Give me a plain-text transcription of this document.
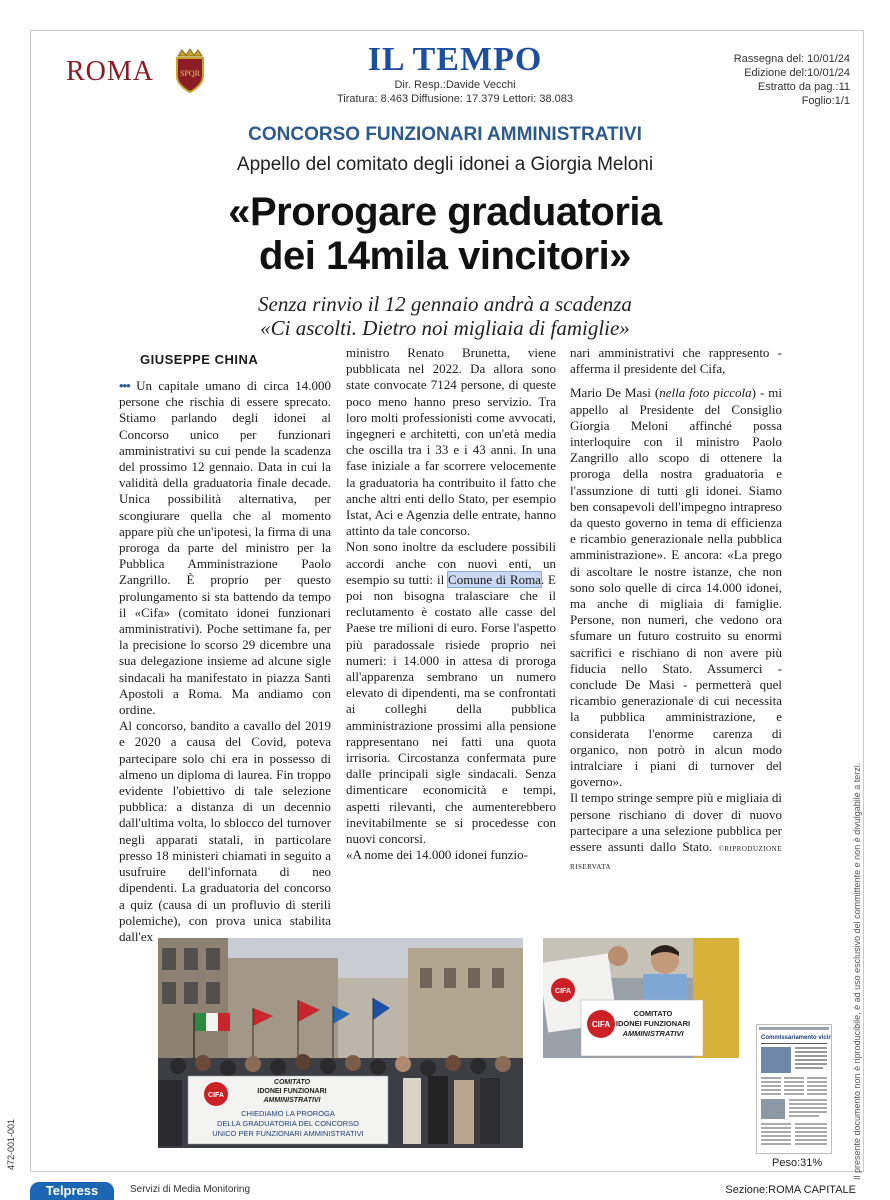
ROMA	SPQR	IL TEMPO
Dir. Resp.:Davide Vecchi
Tiratura: 8.463 Diffusione: 17.379 Lettori: 38.083
Rassegna del: 10/01/24
Edizione del:10/01/24
Estratto da pag.:11
Foglio:1/1
CONCORSO FUNZIONARI AMMINISTRATIVI
Appello del comitato degli idonei a Giorgia Meloni
«Prorogare graduatoria
dei 14mila vincitori»
Senza rinvio il 12 gennaio andrà a scadenza
«Ci ascolti. Dietro noi migliaia di famiglie»
GIUSEPPE CHINA

••• Un capitale umano di circa 14.000 persone che rischia di essere sprecato. Stiamo parlando degli idonei al Concorso unico per funzionari amministrativi su cui pende la scadenza del prossimo 12 gennaio. Data in cui la validità della graduatoria finale decade. Unica possibilità alternativa, per scongiurare quella che al momento appare più che un'ipotesi, la firma di una proroga da parte del ministro per la Pubblica Amministrazione Paolo Zangrillo. È proprio per questo prolungamento si sta battendo da tempo il «Cifa» (comitato idonei funzionari amministrativi). Poche settimane fa, per la precisione lo scorso 29 dicembre una sua delegazione insieme ad alcune sigle sindacali ha manifestato in piazza Santi Apostoli a Roma. Ma andiamo con ordine.

Al concorso, bandito a cavallo del 2019 e 2020 a causa del Covid, poteva partecipare solo chi era in possesso di almeno un diploma di laurea. Fin troppo evidente l'obiettivo di tale selezione pubblica: a distanza di un decennio dall'ultima volta, lo sblocco del turnover negli apparati statali, in particolare presso 18 ministeri chiamati in seguito a usufruire dell'infornata di neo dipendenti. La graduatoria del concorso a quiz (causa di un profluvio di sterili polemiche), con prova unica stabilita dall'ex

ministro Renato Brunetta, viene pubblicata nel 2022. Da allora sono state convocate 7124 persone, di queste poco meno hanno preso servizio. Tra loro molti professionisti come avvocati, ingegneri e architetti, con un'età media che oscilla tra i 33 e i 43 anni. In una fase iniziale a far scorrere velocemente la graduatoria ha contribuito il fatto che anche altri enti dello Stato, per esempio Istat, Aci e Agenzia delle entrate, hanno attinto da tale concorso.

Non sono inoltre da escludere possibili accordi anche con nuovi enti, un esempio su tutti: il Comune di Roma. E poi non bisogna tralasciare che il reclutamento è costato alle casse del Paese tre milioni di euro. Forse l'aspetto più paradossale risiede proprio nei numeri: i 14.000 in attesa di proroga all'apparenza sembrano un numero elevato di dipendenti, ma se confrontati ai colleghi della pubblica amministrazione prossimi alla pensione rappresentano nei fatti una quota irrisoria. Circostanza confermata pure dalle principali sigle sindacali. Senza dimenticare economicità e tempi, aspetti rilevanti, che aumenterebbero inevitabilmente se si procedesse con nuovi concorsi.

«A nome dei 14.000 idonei funzio-

nari amministrativi che rappresento - afferma il presidente del Cifa,

Mario De Masi (nella foto piccola) - mi appello al Presidente del Consiglio Giorgia Meloni affinché possa interloquire con il ministro Paolo Zangrillo allo scopo di ottenere la proroga della nostra graduatoria e l'assunzione di tutti gli idonei. Siamo ben consapevoli dell'impegno intrapreso da questo governo in tema di efficienza e ricambio generazionale nella pubblica amministrazione». E ancora: «La prego di ascoltare le nostre istanze, che non sono solo quelle di circa 14.000 idonei, ma anche di migliaia di famiglie. Persone, non numeri, che vedono ora sfumare un futuro costruito su enormi sacrifici e rischiano di non avere più fiducia nello Stato. Assumerci - conclude De Masi - permetterà quel ricambio generazionale di cui necessita la pubblica amministrazione, e considerata l'enorme carenza di organico, non potrò in alcun modo intralciare i piani di turnover del governo».

Il tempo stringe sempre più e migliaia di persone rischiano di dover di nuovo partecipare a una selezione pubblica per essere assunti dallo Stato. ©RIPRODUZIONE RISERVATA

CIFA
COMITATO
IDONEI FUNZIONARI
AMMINISTRATIVI
CHIEDIAMO LA PROROGA
DELLA GRADUATORIA DEL CONCORSO
UNICO PER FUNZIONARI AMMINISTRATIVI
CIFA
CIFA
COMITATO
IDONEI FUNZIONARI
AMMINISTRATIVI	Commissariamento vicino
Peso:31%	Il presente documento non è riproducibile, è ad uso esclusivo del committente e non è divulgabile a terzi.
472-001-001
Telpress	Servizi di Media Monitoring	Sezione:ROMA CAPITALE
